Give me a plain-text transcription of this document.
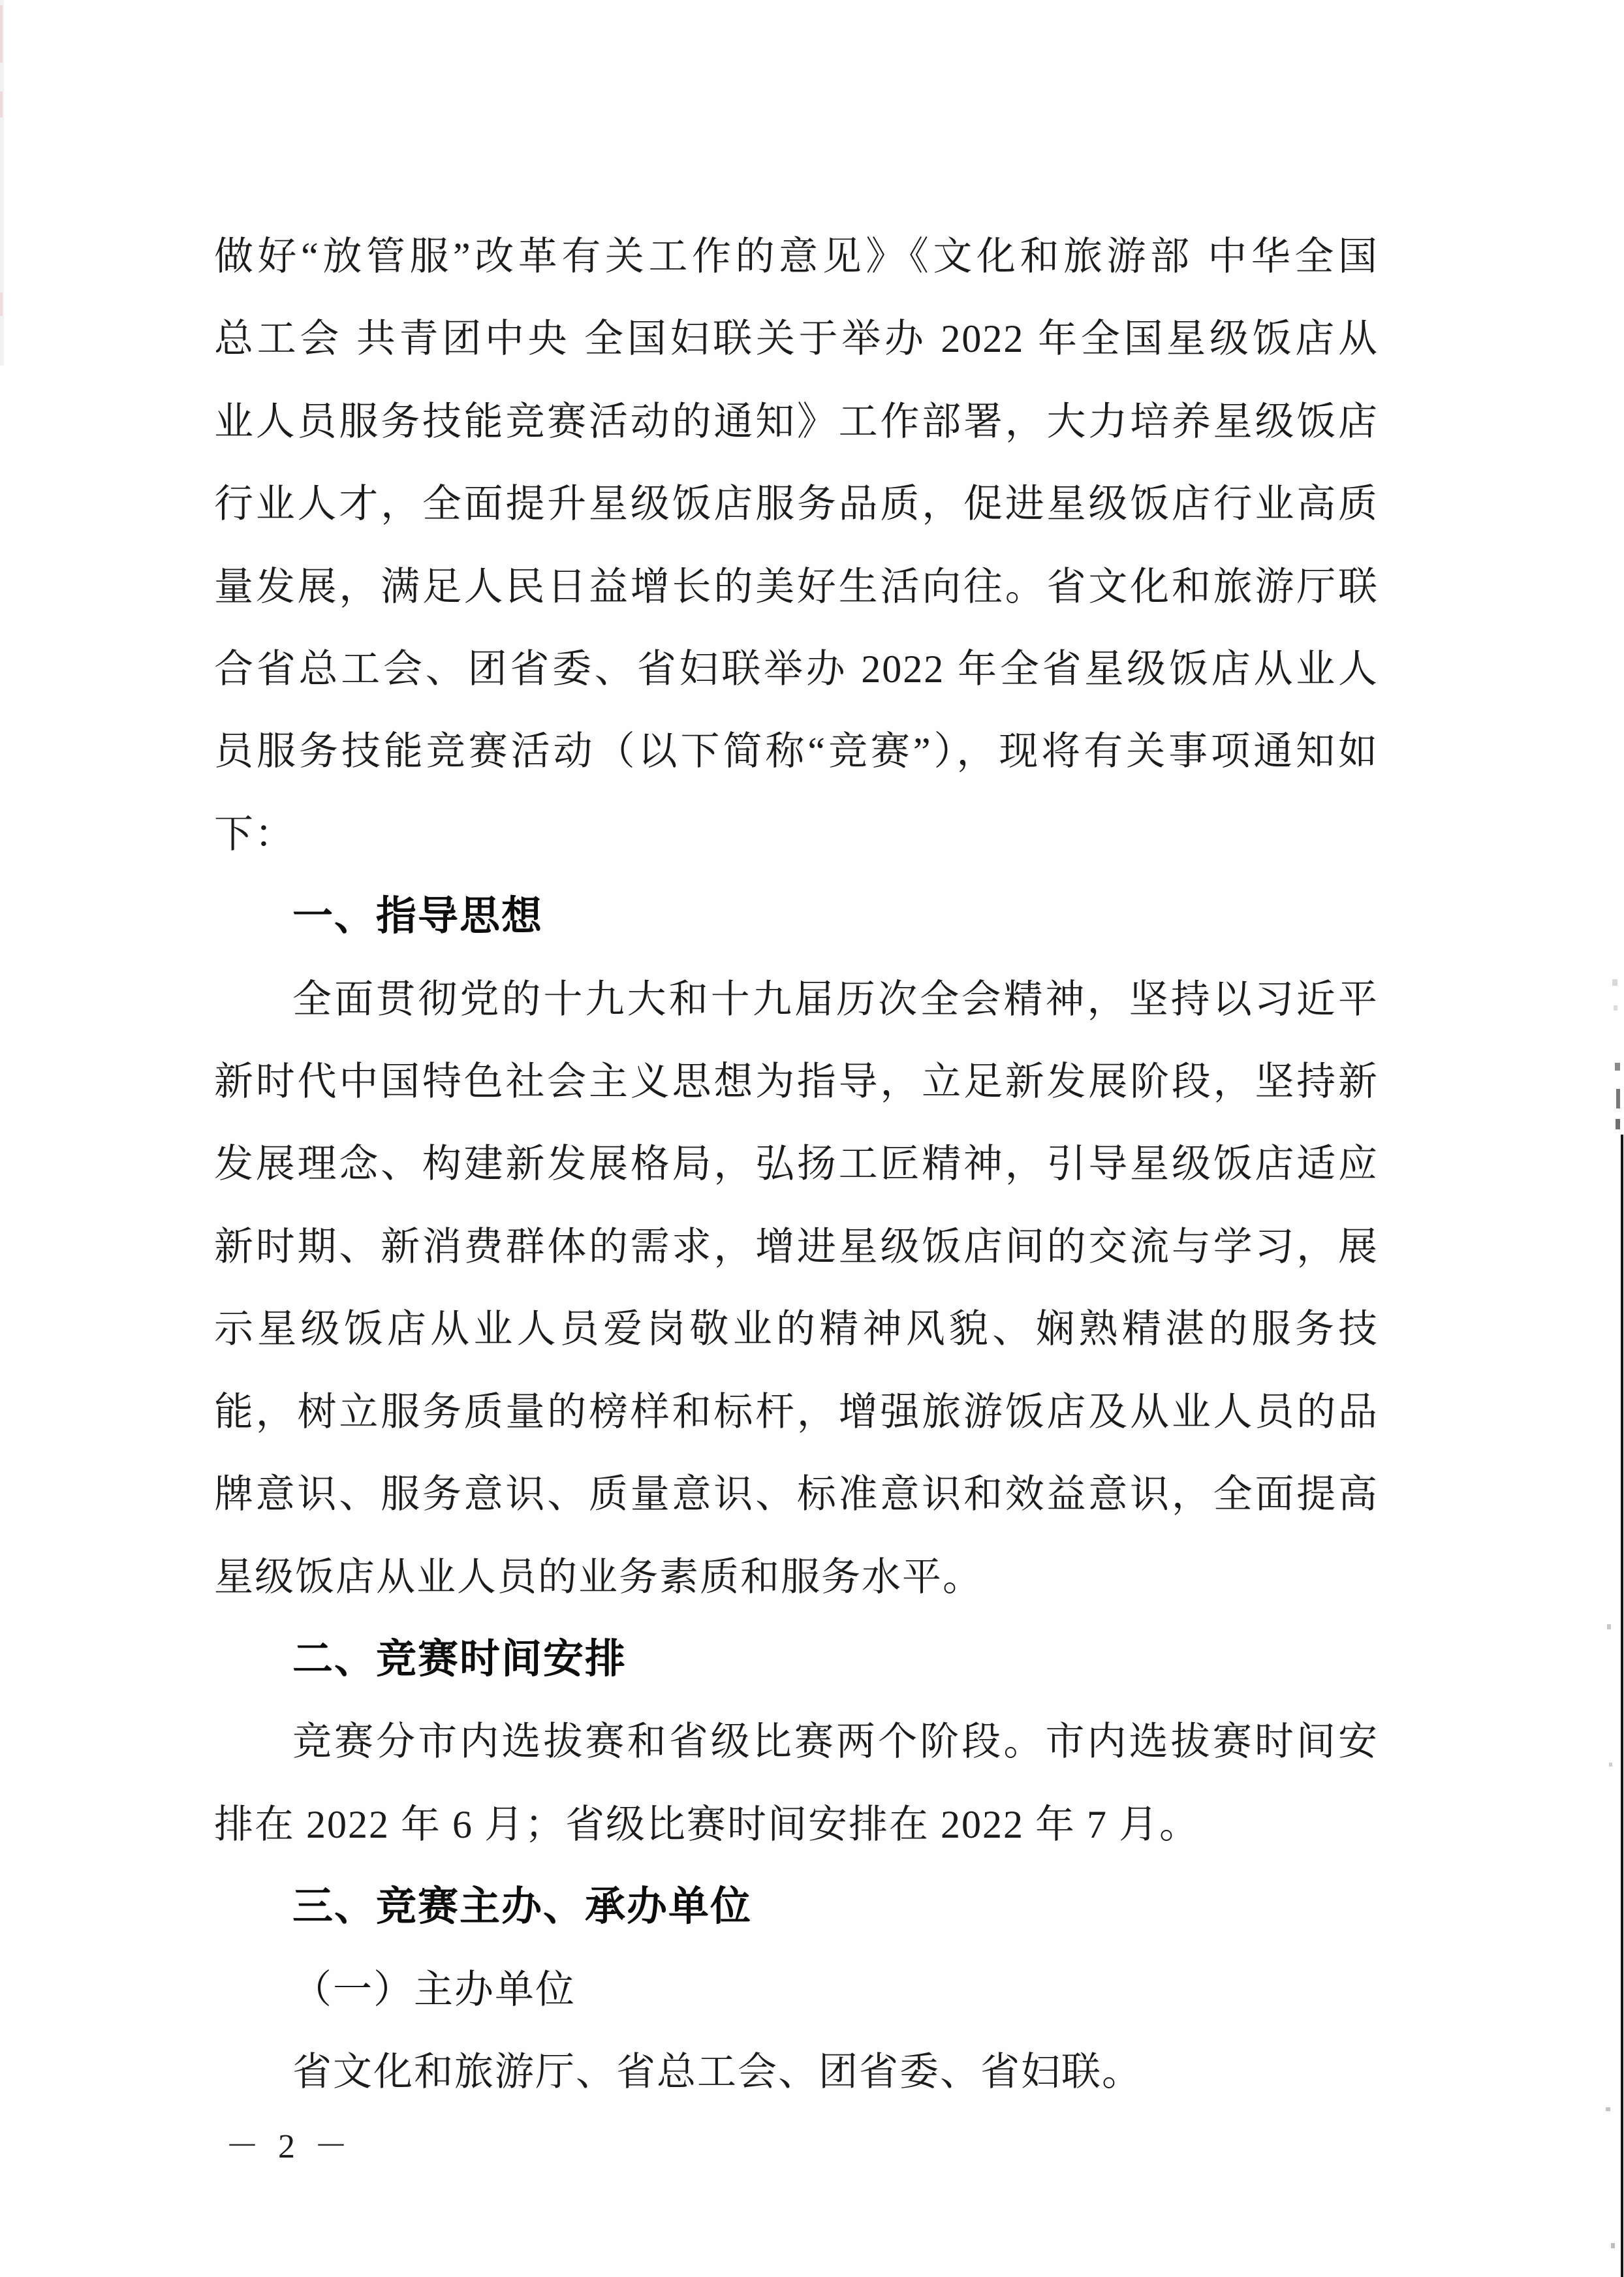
做好“放管服”改革有关工作的意见》《文化和旅游部 中华全国
总工会 共青团中央 全国妇联关于举办 2022 年全国星级饭店从
业人员服务技能竞赛活动的通知》工作部署，大力培养星级饭店
行业人才，全面提升星级饭店服务品质，促进星级饭店行业高质
量发展，满足人民日益增长的美好生活向往。省文化和旅游厅联
合省总工会、团省委、省妇联举办 2022 年全省星级饭店从业人
员服务技能竞赛活动（以下简称“竞赛”），现将有关事项通知如
下：
一、指导思想
全面贯彻党的十九大和十九届历次全会精神，坚持以习近平
新时代中国特色社会主义思想为指导，立足新发展阶段，坚持新
发展理念、构建新发展格局，弘扬工匠精神，引导星级饭店适应
新时期、新消费群体的需求，增进星级饭店间的交流与学习，展
示星级饭店从业人员爱岗敬业的精神风貌、娴熟精湛的服务技
能，树立服务质量的榜样和标杆，增强旅游饭店及从业人员的品
牌意识、服务意识、质量意识、标准意识和效益意识，全面提高
星级饭店从业人员的业务素质和服务水平。
二、竞赛时间安排
竞赛分市内选拔赛和省级比赛两个阶段。市内选拔赛时间安
排在 2022 年 6 月；省级比赛时间安排在 2022 年 7 月。
三、竞赛主办、承办单位
（一）主办单位
省文化和旅游厅、省总工会、团省委、省妇联。
－ 2 －
